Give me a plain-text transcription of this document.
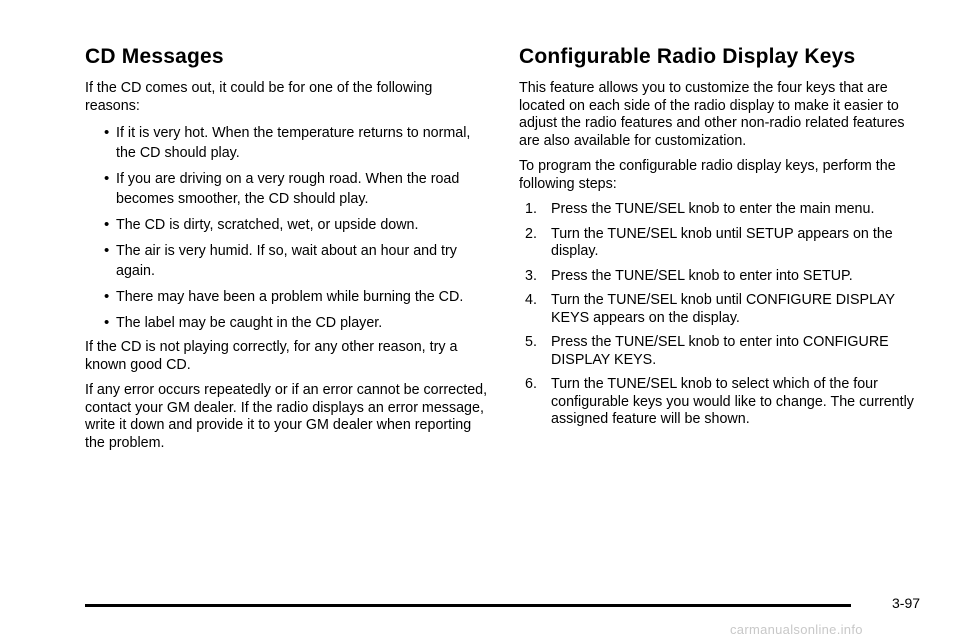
CD Messages

If the CD comes out, it could be for one of the following reasons:

• If it is very hot. When the temperature returns to normal, the CD should play.
• If you are driving on a very rough road. When the road becomes smoother, the CD should play.
• The CD is dirty, scratched, wet, or upside down.
• The air is very humid. If so, wait about an hour and try again.
• There may have been a problem while burning the CD.
• The label may be caught in the CD player.

If the CD is not playing correctly, for any other reason, try a known good CD.

If any error occurs repeatedly or if an error cannot be corrected, contact your GM dealer. If the radio displays an error message, write it down and provide it to your GM dealer when reporting the problem.

Configurable Radio Display Keys

This feature allows you to customize the four keys that are located on each side of the radio display to make it easier to adjust the radio features and other non-radio related features are also available for customization.

To program the configurable radio display keys, perform the following steps:

1. Press the TUNE/SEL knob to enter the main menu.
2. Turn the TUNE/SEL knob until SETUP appears on the display.
3. Press the TUNE/SEL knob to enter into SETUP.
4. Turn the TUNE/SEL knob until CONFIGURE DISPLAY KEYS appears on the display.
5. Press the TUNE/SEL knob to enter into CONFIGURE DISPLAY KEYS.
6. Turn the TUNE/SEL knob to select which of the four configurable keys you would like to change. The currently assigned feature will be shown.
3-97
carmanualsonline.info
